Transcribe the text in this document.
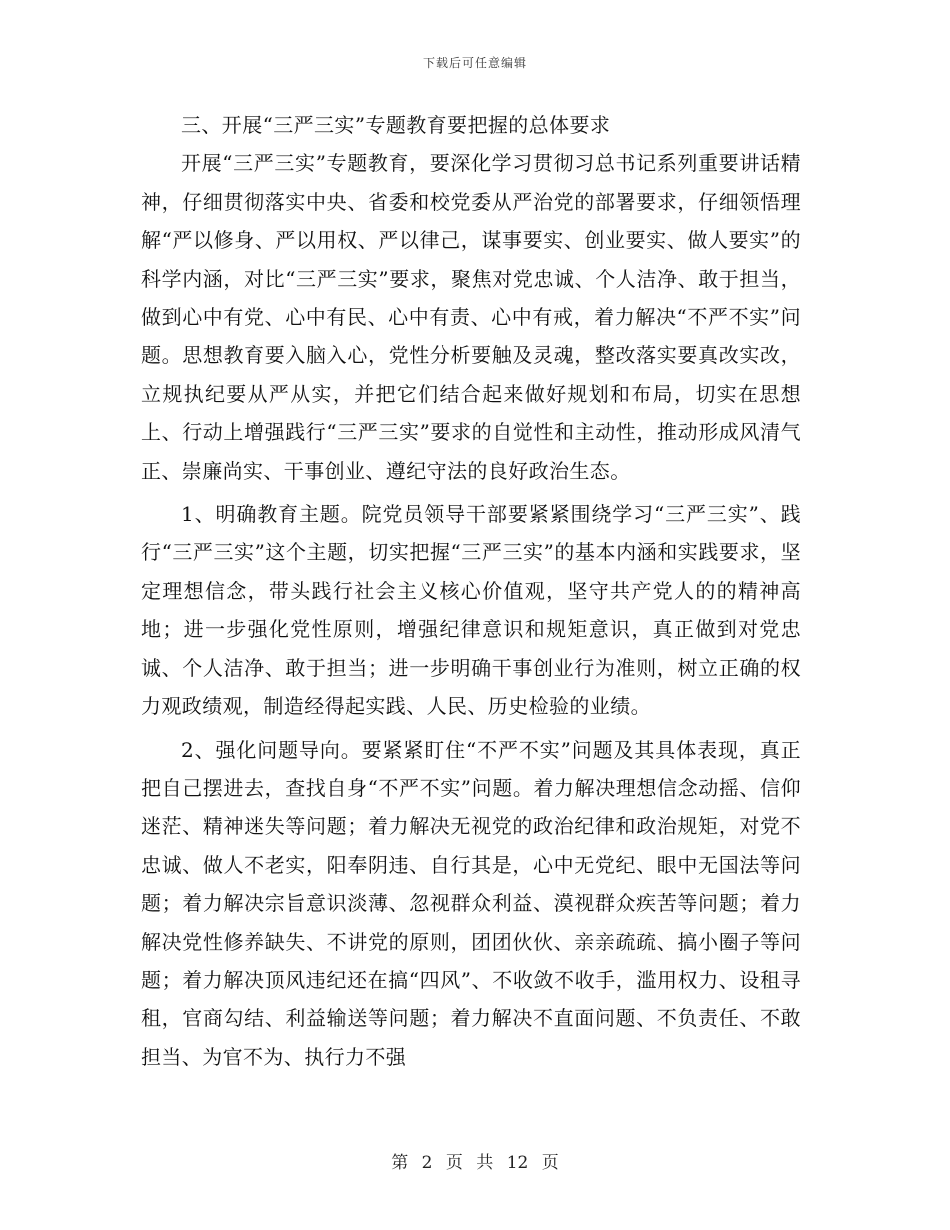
下载后可任意编辑

三、开展“三严三实”专题教育要把握的总体要求

开展“三严三实”专题教育，要深化学习贯彻习总书记系列重要讲话精神，仔细贯彻落实中央、省委和校党委从严治党的部署要求，仔细领悟理解“严以修身、严以用权、严以律己，谋事要实、创业要实、做人要实”的科学内涵，对比“三严三实”要求，聚焦对党忠诚、个人洁净、敢于担当，做到心中有党、心中有民、心中有责、心中有戒，着力解决“不严不实”问题。思想教育要入脑入心，党性分析要触及灵魂，整改落实要真改实改，立规执纪要从严从实，并把它们结合起来做好规划和布局，切实在思想上、行动上增强践行“三严三实”要求的自觉性和主动性，推动形成风清气正、崇廉尚实、干事创业、遵纪守法的良好政治生态。

1、明确教育主题。院党员领导干部要紧紧围绕学习“三严三实”、践行“三严三实”这个主题，切实把握“三严三实”的基本内涵和实践要求，坚定理想信念，带头践行社会主义核心价值观，坚守共产党人的的精神高地；进一步强化党性原则，增强纪律意识和规矩意识，真正做到对党忠诚、个人洁净、敢于担当；进一步明确干事创业行为准则，树立正确的权力观政绩观，制造经得起实践、人民、历史检验的业绩。

2、强化问题导向。要紧紧盯住“不严不实”问题及其具体表现，真正把自己摆进去，查找自身“不严不实”问题。着力解决理想信念动摇、信仰迷茫、精神迷失等问题；着力解决无视党的政治纪律和政治规矩，对党不忠诚、做人不老实，阳奉阴违、自行其是，心中无党纪、眼中无国法等问题；着力解决宗旨意识淡薄、忽视群众利益、漠视群众疾苦等问题；着力解决党性修养缺失、不讲党的原则，团团伙伙、亲亲疏疏、搞小圈子等问题；着力解决顶风违纪还在搞“四风”、不收敛不收手，滥用权力、设租寻租，官商勾结、利益输送等问题；着力解决不直面问题、不负责任、不敢担当、为官不为、执行力不强

第 2 页 共 12 页
